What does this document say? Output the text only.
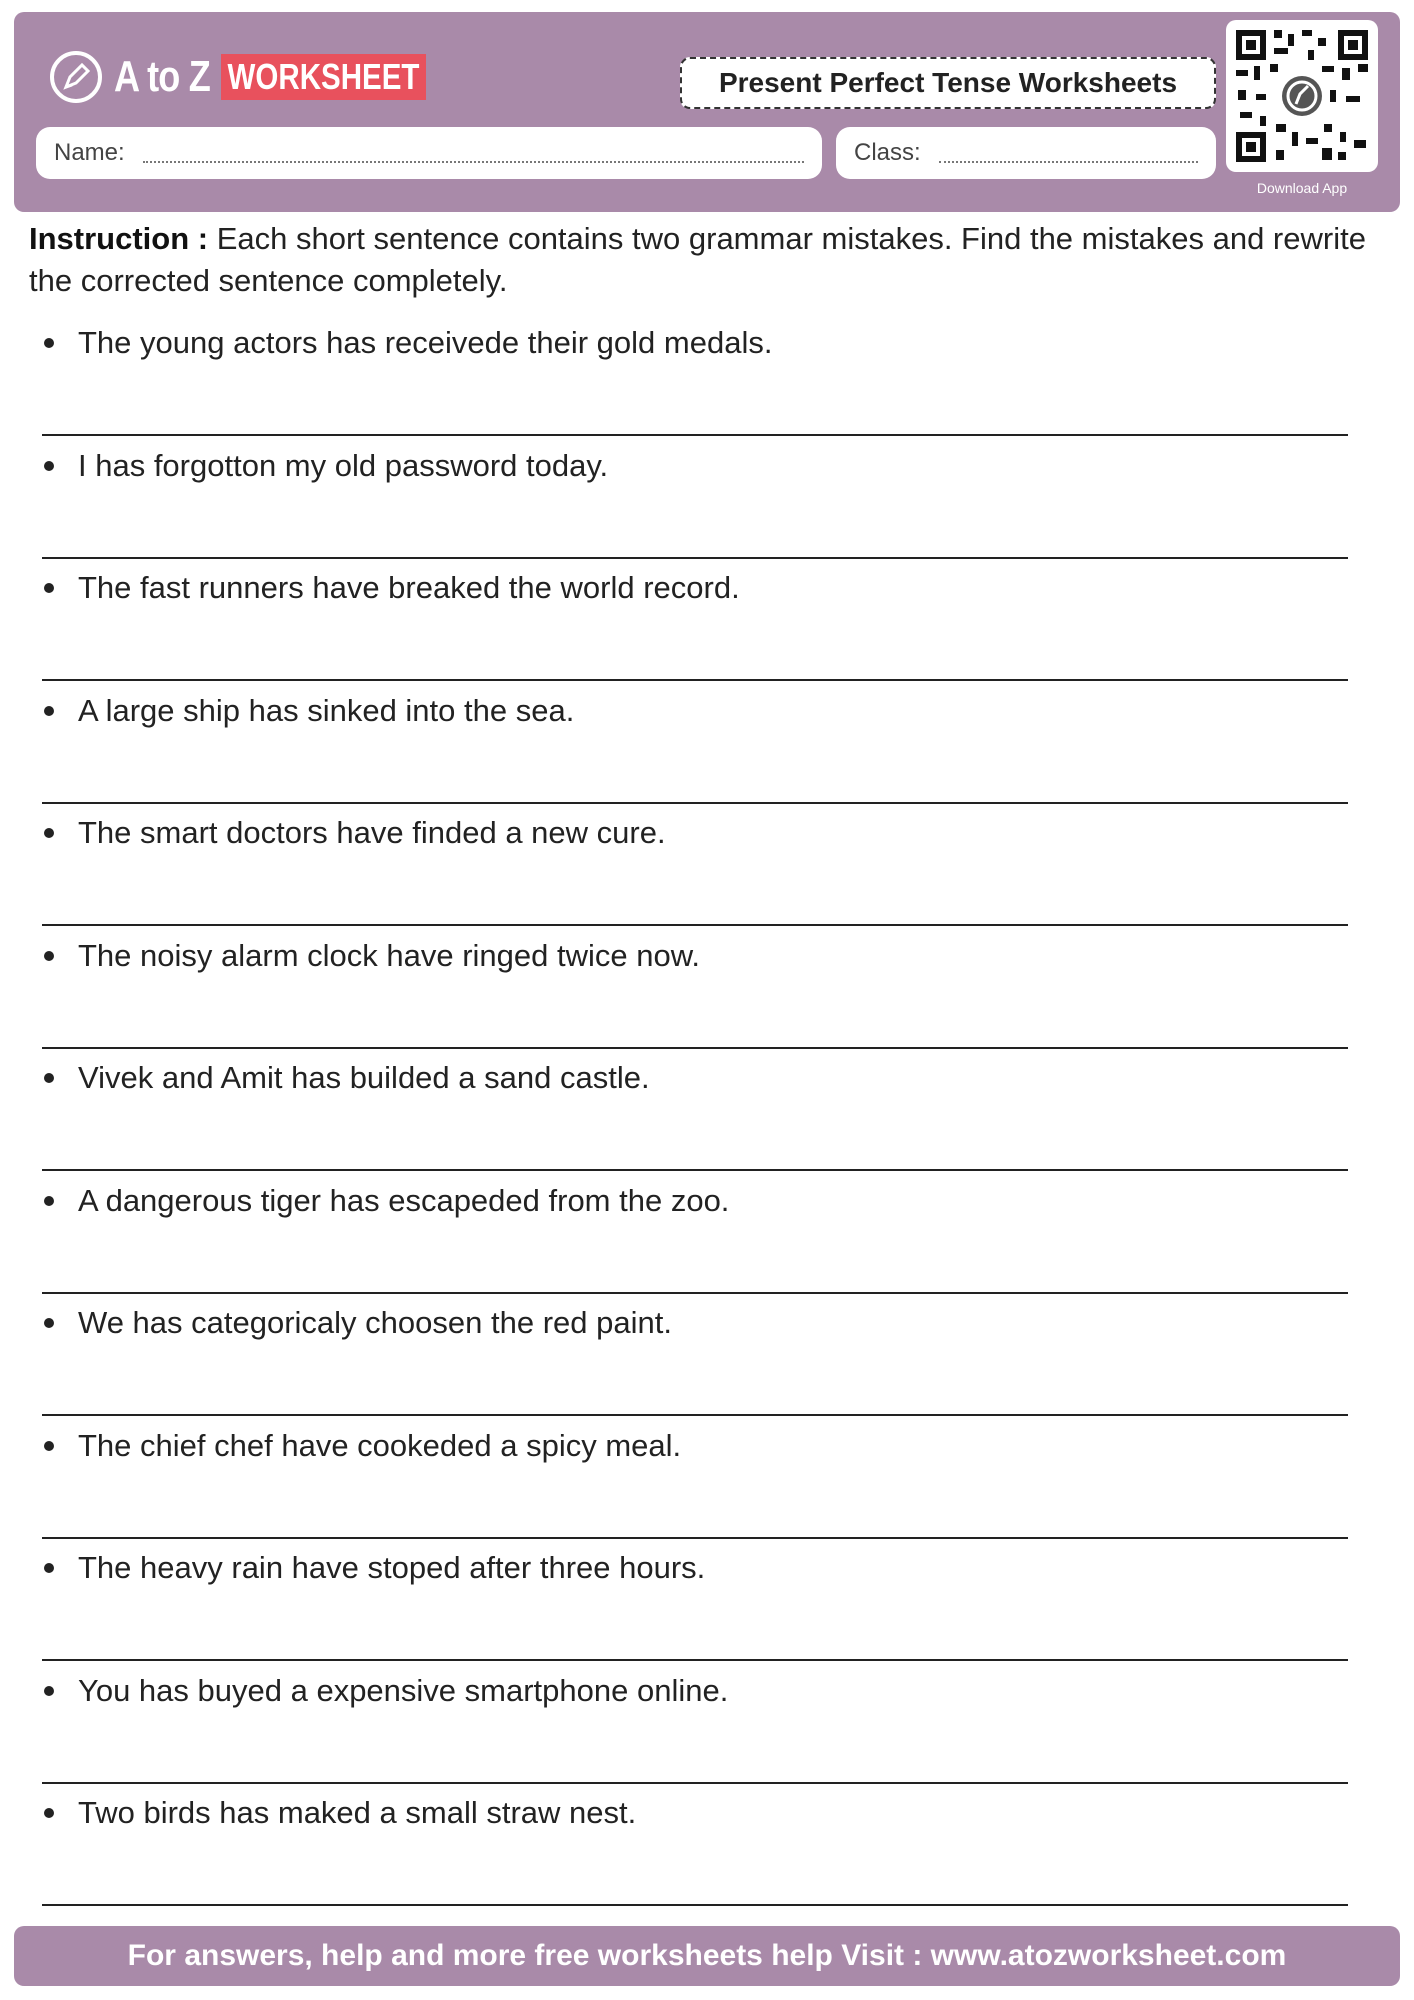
A to Z WORKSHEET	Present Perfect Tense Worksheets
Name:	Class:
Download App
Instruction : Each short sentence contains two grammar mistakes. Find the mistakes and rewrite the corrected sentence completely.
The young actors has receivede their gold medals.
I has forgotton my old password today.
The fast runners have breaked the world record.
A large ship has sinked into the sea.
The smart doctors have finded a new cure.
The noisy alarm clock have ringed twice now.
Vivek and Amit has builded a sand castle.
A dangerous tiger has escapeded from the zoo.
We has categoricaly choosen the red paint.
The chief chef have cookeded a spicy meal.
The heavy rain have stoped after three hours.
You has buyed a expensive smartphone online.
Two birds has maked a small straw nest.
For answers, help and more free worksheets help Visit : www.atozworksheet.com
